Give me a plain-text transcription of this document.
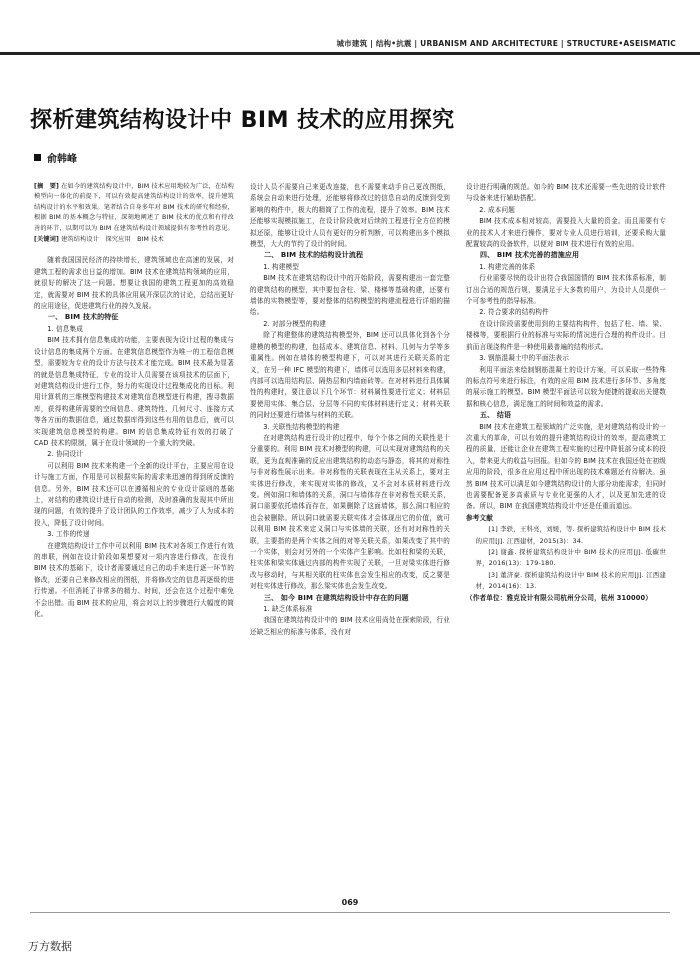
城市建筑 | 结构•抗震 | URBANISM AND ARCHITECTURE | STRUCTURE•ASEISMATIC
探析建筑结构设计中 BIM 技术的应用探究
俞韩峰

[摘　要] 在如今的建筑结构设计中，BIM 技术应用地较为广泛，在结构模型向一体化的前提下，可以有效提高建筑结构设计的效率，提升建筑结构设计的水平和效果。笔者结合自身多年对 BIM 技术的研究和经验，根据 BIM 的基本概念与特征，深刻地阐述了 BIM 技术的优点和有待改善的环节，以期可以为 BIM 在建筑结构设计领域提供有参考性的意见。

[关键词] 建筑结构设计　探究应用　BIM 技术

随着我国国民经济的持续增长，建筑领域也在高速的发展，对建筑工程的需求也日益的增加。BIM 技术在建筑结构领域的应用，就很好的解决了这一问题。想要让我国的建筑工程更加的高效稳定，就需要对 BIM 技术的具体应用展开深层次的讨论，总结出更好的应用途径，促进建筑行业的持久发展。

一、 BIM 技术的特征

1. 信息集成

BIM 技术拥有信息集成的功能，主要表现为设计过程的集成与设计信息的集成两个方面。在建筑信息模型作为唯一的工程信息模型，需要较为专业的设计方法与技术才能完成。BIM 技术最为显著的就是信息集成特征，专业的设计人员需要在该项技术的层面下，对建筑结构设计进行工作，努力的实现设计过程集成化的目标。利用计算机的三维模型构建技术对建筑信息模型进行构建，搜寻数据库，获得构建所需要的空间信息、建筑特性、几何尺寸、连接方式等各方面的数据信息，通过数据库得到这些有用的信息后，就可以实现建筑信息模型的构建。BIM 的信息集成特征有效的打破了 CAD 技术的限制，属于在设计领域的一个重大的突破。

2. 协同设计

可以利用 BIM 技术来构建一个全新的设计平台，主要应用在设计与施工方面，作用是可以根据实际的需求来迅速的得到所反馈的信息。另外，BIM 技术还可以在遵循相应的专业设计原则的基础上，对结构的建筑设计进行自动的检测，及时准确的发现其中所出现的问题，有效的提升了设计团队的工作效率，减少了人为成本的投入，降低了设计时间。

3. 工作的传递

在建筑结构设计工作中可以利用 BIM 技术对各项工作进行有效的串联，例如在设计阶段如果想要对一项内容进行修改，在没有 BIM 技术的基础下，设计者需要通过自己的动手来进行逐一环节的修改，还要自己来修改相应的图纸，并将修改完的信息再逐级的进行传递。不但消耗了非常多的精力、时间，还会在这个过程中难免不会出错。而 BIM 技术的应用，将会对以上的步骤进行大幅度的简化。

设计人员不需要自己来更改连接，也不需要来动手自己更改图纸，系统会自动来进行处理，还能够将修改过的信息自动的反馈到受到影响的构件中，极大的精简了工作的流程，提升了效率。BIM 技术还能够实现模拟施工，在设计阶段就对后续的工程进行全方位的模拟还原，能够让设计人员有更好的分析判断，可以构建出多个模拟模型，大大的节约了设计的时间。

二、 BIM 技术的结构设计流程

1. 构建模型

BIM 技术在建筑结构设计中的开始阶段，需要构建出一套完整的建筑结构的模型，其中要包含柱、梁、楼梯等基础构建，还要有墙体的实物模型等，要对整体的结构模型的构建流程进行详细的描绘。

2. 对部分模型的构建

除了构建整体的建筑结构模型外，BIM 还可以具体化到各个分建模的模型的构建，包括成本、建筑信息、材料、几何与力学等多重属性。例如在墙体的模型构建下，可以对其进行关联关系的定义，在另一种 IFC 模型的构建下，墙体可以选用多层材料来构建，内部可以选用结构层、隔热层和内墙面砖等。在对材料进行具体属性的构建时，要注意以下几个环节：材料属性要进行定义；材料层要使用实体、集合层、分层等不同的实体材料进行定义；材料关联的同时还要进行墙体与材料的关联。

3. 关联性结构模型的构建

在对建筑结构进行设计的过程中，每个个体之间的关联性是十分重要的。利用 BIM 技术对模型的构建，可以实现对建筑结构的关联，更为直观准确的反应出建筑结构的动态与静态，将其的对称性与非对称性展示出来。非对称性的关联表现在主从关系上，要对主实体进行修改，来实现对实体的修改，又不会对本质材料进行改变。例如洞口和墙体的关系，洞口与墙体存在非对称性关联关系，洞口需要依托墙体而存在，如果删除了这面墙体，那么洞口相应的也会被删除。所以洞口就需要关联实体才会体现出它的价值，就可以利用 BIM 技术来定义洞口与实体墙的关联，还有对对称性的关联，主要指的是两个实体之间的对等关联关系，如果改变了其中的一个实体，则会对另外的一个实体产生影响。比如柱和梁的关联，柱实体和梁实体通过内部的构件实现了关联，一旦对梁实体进行修改与移动时，与其相关联的柱实体也会发生相应的改变，反之要是对柱实体进行修改，那么梁实体也会发生改变。

三、 如今 BIM 在建筑结构设计中存在的问题

1. 缺乏体系标准

我国在建筑结构设计中的 BIM 技术应用尚处在探索阶段，行业还缺乏相应的标准与体系，没有对

设计进行明确的规范。如今的 BIM 技术还需要一些先进的设计软件与设备来进行辅助搭配。

2. 成本问题

BIM 技术成本相对较高，需要投入大量的资金。而且需要有专业的技术人才来进行操作，要对专业人员进行培训，还要采购大量配置较高的设备软件，以便对 BIM 技术进行有效的应用。

四、 BIM 技术完善的措施应用

1. 构建完善的体系

行业需要尽快的设计出符合我国国情的 BIM 技术体系标准，制订出合适的规范行规，要满足于大多数的用户，为设计人员提供一个可参考性的指导标准。

2. 符合要求的结构构件

在设计阶段需要使用到的主要结构构件，包括了柱、墙、梁、楼梯等，要根据行业的标准与实际的情况进行合理的构件设计。目前而言现浇构件是一种使用最普遍的结构形式。

3. 钢筋混凝土中的平面法表示

利用平面法来绘制钢筋混凝土的设计方案，可以采取一些特殊的标点符号来进行标注，有效的应用 BIM 技术进行多环节、多角度的展示施工的模型。BIM 模型平面法可以较为便捷的提取出关键数据和核心信息，满足施工的时间和效益的需求。

五、 结语

BIM 技术在建筑工程领域的广泛实施，是对建筑结构设计的一次重大的革命，可以有效的提升建筑结构设计的效率，提高建筑工程的质量，还能让企业在建筑工程实施的过程中降低部分成本的投入，带来更大的收益与回报。但如今的 BIM 技术在我国还处在初级应用的阶段，很多在应用过程中所出现的技术难题还有待解决。虽然 BIM 技术可以满足如今建筑结构设计的大部分功能需求，但同时也需要配备更多高素质与专业化更强的人才，以及更加先进的设备。所以，BIM 在我国建筑结构设计中还是任重而道远。

参考文献

[1] 李轶，王科亮，刘媛，等. 探析建筑结构设计中 BIM 技术的应用[J]. 江西建材，2015(3)：34.

[2] 谢鑫. 探析建筑结构设计中 BIM 技术的应用[J]. 低碳世界，2016(13)：179-180.

[3] 董济豪. 探析建筑结构设计中 BIM 技术的应用[J]. 江西建材，2014(16)：13.

（作者单位：雅克设计有限公司杭州分公司，杭州 310000）

069
万方数据
